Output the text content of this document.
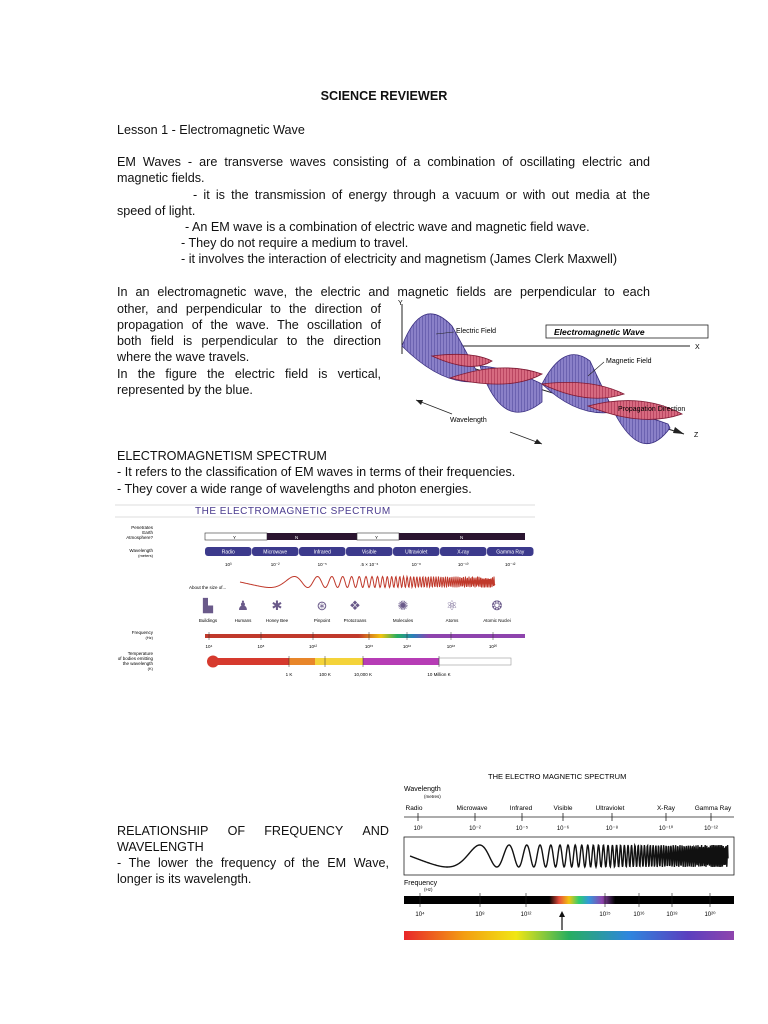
SCIENCE REVIEWER
Lesson 1 - Electromagnetic Wave
EM Waves - are transverse waves consisting of a combination of oscillating electric and
magnetic fields.
- it is the transmission of energy through a vacuum or with out media at the
speed of light.
- An EM wave is a combination of electric wave and magnetic field wave.
- They do not require a medium to travel.
- it involves the interaction of electricity and magnetism (James Clerk Maxwell)
In an electromagnetic wave, the electric and magnetic fields are perpendicular to each
other, and perpendicular to the direction of
propagation of the wave. The oscillation of
both field is perpendicular to the direction
where the wave travels.
In the figure the electric field is vertical,
represented by the blue.
Y
X
Z
Electric Field	Electromagnetic Wave
Magnetic Field
Propagation Direction
Wavelength
ELECTROMAGNETISM SPECTRUM
- It refers to the classification of EM waves in terms of their frequencies.
- They cover a wide range of wavelengths and photon energies.
THE ELECTROMAGNETIC SPECTRUM
Penetrates
Earth
Atmosphere?	Y	N	Y	N
Wavelength
(meters)	Radio	Microwave	Infrared	Visible	Ultraviolet	X-ray	Gamma Ray
10³	10⁻²	10⁻⁵	.5 × 10⁻⁶	10⁻⁸	10⁻¹⁰	10⁻¹²
About the size of...
▙
Buildings
♟
Humans
✱
Honey Bee
⊛
Pinpoint
❖
Protozoans
✺
Molecules
⚛
Atoms
❂
Atomic Nuclei
Frequency
(Hz)
10⁴	10⁸	10¹²	10¹⁵	10¹⁶	10¹⁸	10²⁰
Temperature
of bodies emitting
the wavelength
(K)
1 K	100 K	10,000 K	10 Million K
RELATIONSHIP OF FREQUENCY AND
WAVELENGTH
- The lower the frequency of the EM Wave,
longer is its wavelength.
THE ELECTRO MAGNETIC SPECTRUM
Wavelength
(metres)
Radio	Microwave	Infrared	Visible	Ultraviolet	X-Ray	Gamma Ray
10³	10⁻²	10⁻⁵	10⁻⁶	10⁻⁸	10⁻¹⁰	10⁻¹²
Frequency
(Hz)
10⁴	10⁸	10¹²	10¹⁵	10¹⁶	10¹⁸	10²⁰
